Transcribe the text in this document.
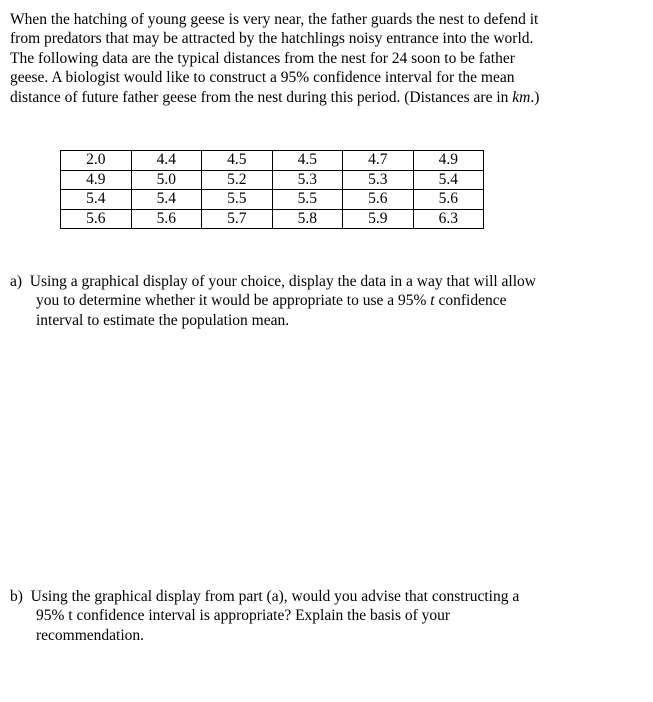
When the hatching of young geese is very near, the father guards the nest to defend it
from predators that may be attracted by the hatchlings noisy entrance into the world.
The following data are the typical distances from the nest for 24 soon to be father
geese. A biologist would like to construct a 95% confidence interval for the mean
distance of future father geese from the nest during this period. (Distances are in km.)
2.0	4.4	4.5	4.5	4.7	4.9
4.9	5.0	5.2	5.3	5.3	5.4
5.4	5.4	5.5	5.5	5.6	5.6
5.6	5.6	5.7	5.8	5.9	6.3
a) Using a graphical display of your choice, display the data in a way that will allow
you to determine whether it would be appropriate to use a 95% t confidence
interval to estimate the population mean.
b) Using the graphical display from part (a), would you advise that constructing a
95% t confidence interval is appropriate? Explain the basis of your
recommendation.
